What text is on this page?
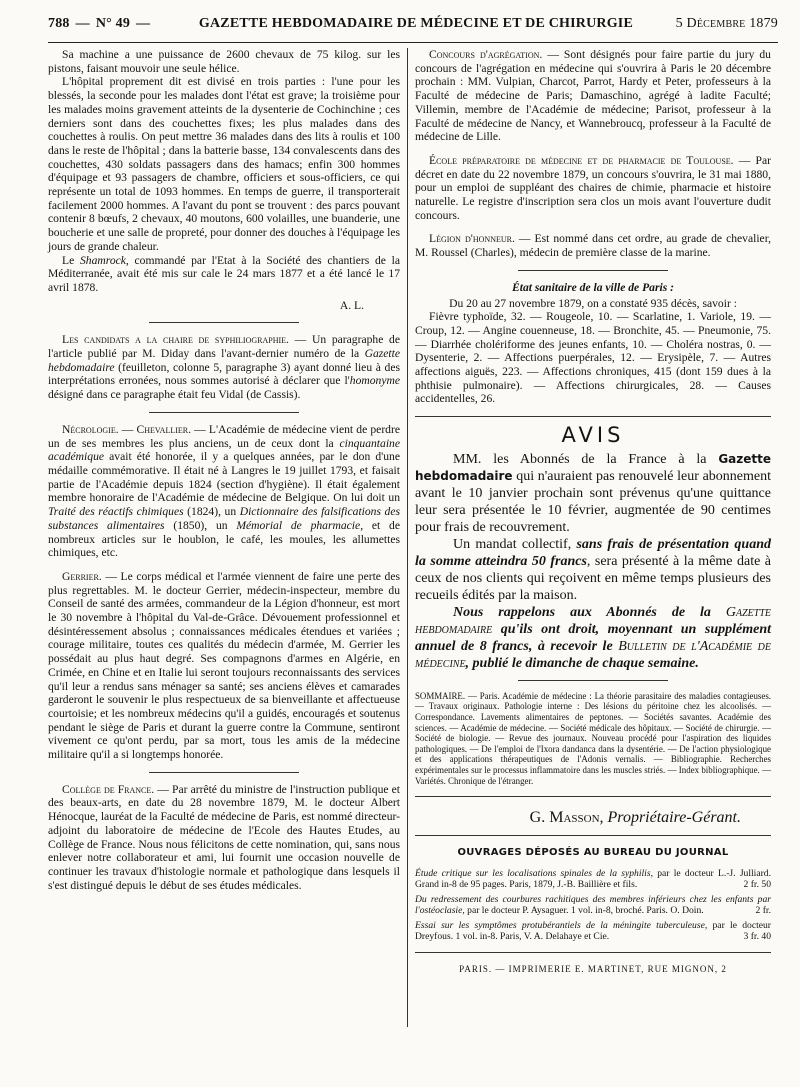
788 — N° 49 —	GAZETTE HEBDOMADAIRE DE MÉDECINE ET DE CHIRURGIE	5 Décembre 1879

Sa machine a une puissance de 2600 chevaux de 75 kilog. sur les pistons, faisant mouvoir une seule hélice.

L'hôpital proprement dit est divisé en trois parties : l'une pour les blessés, la seconde pour les malades dont l'état est grave; la troisième pour les malades moins gravement atteints de la dysenterie de Cochinchine ; ces derniers sont dans des couchettes fixes; les plus malades dans des couchettes à roulis. On peut mettre 36 malades dans des lits à roulis et 100 dans le reste de l'hôpital ; dans la batterie basse, 134 convalescents dans des couchettes, 430 soldats passagers dans des hamacs; enfin 300 hommes d'équipage et 93 passagers de chambre, officiers et sous-officiers, ce qui représente un total de 1093 hommes. En temps de guerre, il transporterait facilement 2000 hommes. A l'avant du pont se trouvent : des parcs pouvant contenir 8 bœufs, 2 chevaux, 40 moutons, 600 volailles, une buanderie, une boucherie et une salle de propreté, pour donner des douches à l'équipage les jours de grande chaleur.

Le Shamrock, commandé par l'Etat à la Société des chantiers de la Méditerranée, avait été mis sur cale le 24 mars 1877 et a été lancé le 17 avril 1878.

A. L.

Les candidats a la chaire de syphiliographie. — Un paragraphe de l'article publié par M. Diday dans l'avant-dernier numéro de la Gazette hebdomadaire (feuilleton, colonne 5, paragraphe 3) ayant donné lieu à des interprétations erronées, nous sommes autorisé à déclarer que l'homonyme désigné dans ce paragraphe était feu Vidal (de Cassis).

Nécrologie. — Chevallier. — L'Académie de médecine vient de perdre un de ses membres les plus anciens, un de ceux dont la cinquantaine académique avait été honorée, il y a quelques années, par le don d'une médaille commémorative. Il était né à Langres le 19 juillet 1793, et faisait partie de l'Académie depuis 1824 (section d'hygiène). Il était également membre honoraire de l'Académie de médecine de Belgique. On lui doit un Traité des réactifs chimiques (1824), un Dictionnaire des falsifications des substances alimentaires (1850), un Mémorial de pharmacie, et de nombreux articles sur le houblon, le café, les moules, les allumettes chimiques, etc.

Gerrier. — Le corps médical et l'armée viennent de faire une perte des plus regrettables. M. le docteur Gerrier, médecin-inspecteur, membre du Conseil de santé des armées, commandeur de la Légion d'honneur, est mort le 30 novembre à l'hôpital du Val-de-Grâce. Dévouement professionnel et désintéressement absolus ; connaissances médicales étendues et variées ; courage militaire, toutes ces qualités du médecin d'armée, M. Gerrier les possédait au plus haut degré. Ses compagnons d'armes en Algérie, en Crimée, en Chine et en Italie lui seront toujours reconnaissants des services qu'il leur a rendus sans ménager sa santé; ses anciens élèves et camarades garderont le souvenir le plus respectueux de sa bienveillante et affectueuse courtoisie; et les nombreux médecins qu'il a guidés, encouragés et soutenus pendant le siège de Paris et durant la guerre contre la Commune, sentiront vivement ce qu'ont perdu, par sa mort, tous les amis de la médecine militaire qu'il a si longtemps honorée.

Collège de France. — Par arrêté du ministre de l'instruction publique et des beaux-arts, en date du 28 novembre 1879, M. le docteur Albert Hénocque, lauréat de la Faculté de médecine de Paris, est nommé directeur-adjoint du laboratoire de médecine de l'Ecole des Hautes Etudes, au Collège de France. Nous nous félicitons de cette nomination, qui, sans nous enlever notre collaborateur et ami, lui fournit une occasion nouvelle de continuer les travaux d'histologie normale et pathologique dans lesquels il s'est distingué depuis le début de ses études médicales.

Concours d'agrégation. — Sont désignés pour faire partie du jury du concours de l'agrégation en médecine qui s'ouvrira à Paris le 20 décembre prochain : MM. Vulpian, Charcot, Parrot, Hardy et Peter, professeurs à la Faculté de médecine de Paris; Damaschino, agrégé à ladite Faculté; Villemin, membre de l'Académie de médecine; Parisot, professeur à la Faculté de médecine de Nancy, et Wannebroucq, professeur à la Faculté de médecine de Lille.

École préparatoire de médecine et de pharmacie de Toulouse. — Par décret en date du 22 novembre 1879, un concours s'ouvrira, le 31 mai 1880, pour un emploi de suppléant des chaires de chimie, pharmacie et histoire naturelle. Le registre d'inscription sera clos un mois avant l'ouverture dudit concours.

Légion d'honneur. — Est nommé dans cet ordre, au grade de chevalier, M. Roussel (Charles), médecin de première classe de la marine.

État sanitaire de la ville de Paris :
Du 20 au 27 novembre 1879, on a constaté 935 décès, savoir :

Fièvre typhoïde, 32. — Rougeole, 10. — Scarlatine, 1. Variole, 19. — Croup, 12. — Angine couenneuse, 18. — Bronchite, 45. — Pneumonie, 75. — Diarrhée cholériforme des jeunes enfants, 10. — Choléra nostras, 0. — Dysenterie, 2. — Affections puerpérales, 12. — Erysipèle, 7. — Autres affections aiguës, 223. — Affections chroniques, 415 (dont 159 dues à la phthisie pulmonaire). — Affections chirurgicales, 28. — Causes accidentelles, 26.

AVIS

MM. les Abonnés de la France à la Gazette hebdomadaire qui n'auraient pas renouvelé leur abonnement avant le 10 janvier prochain sont prévenus qu'une quittance leur sera présentée le 10 février, augmentée de 90 centimes pour frais de recouvrement.

Un mandat collectif, sans frais de présentation quand la somme atteindra 50 francs, sera présenté à la même date à ceux de nos clients qui reçoivent en même temps plusieurs des recueils édités par la maison.

Nous rappelons aux Abonnés de la Gazette hebdomadaire qu'ils ont droit, moyennant un supplément annuel de 8 francs, à recevoir le Bulletin de l'Académie de médecine, publié le dimanche de chaque semaine.

SOMMAIRE. — Paris. Académie de médecine : La théorie parasitaire des maladies contagieuses. — Travaux originaux. Pathologie interne : Des lésions du péritoine chez les alcoolisés. — Correspondance. Lavements alimentaires de peptones. — Sociétés savantes. Académie des sciences. — Académie de médecine. — Société médicale des hôpitaux. — Société de chirurgie. — Société de biologie. — Revue des journaux. Nouveau procédé pour l'aspiration des liquides pathologiques. — De l'emploi de l'Ixora dandanca dans la dysentérie. — De l'action physiologique et des applications thérapeutiques de l'Adonis vernalis. — Bibliographie. Recherches expérimentales sur le processus inflammatoire dans les muscles striés. — Index bibliographique. — Variétés. Chronique de l'étranger.
G. Masson, Propriétaire-Gérant.
OUVRAGES DÉPOSÉS AU BUREAU DU JOURNAL
Étude critique sur les localisations spinales de la syphilis, par le docteur L.-J. Julliard. Grand in-8 de 95 pages. Paris, 1879, J.-B. Baillière et fils.	2 fr. 50
Du redressement des courbures rachitiques des membres inférieurs chez les enfants par l'ostéoclasie, par le docteur P. Aysaguer. 1 vol. in-8, broché. Paris. O. Doin.	2 fr.
Essai sur les symptômes protubérantiels de la méningite tuberculeuse, par le docteur Dreyfous. 1 vol. in-8. Paris, V. A. Delahaye et Cie.	3 fr. 40
PARIS. — IMPRIMERIE E. MARTINET, RUE MIGNON, 2
